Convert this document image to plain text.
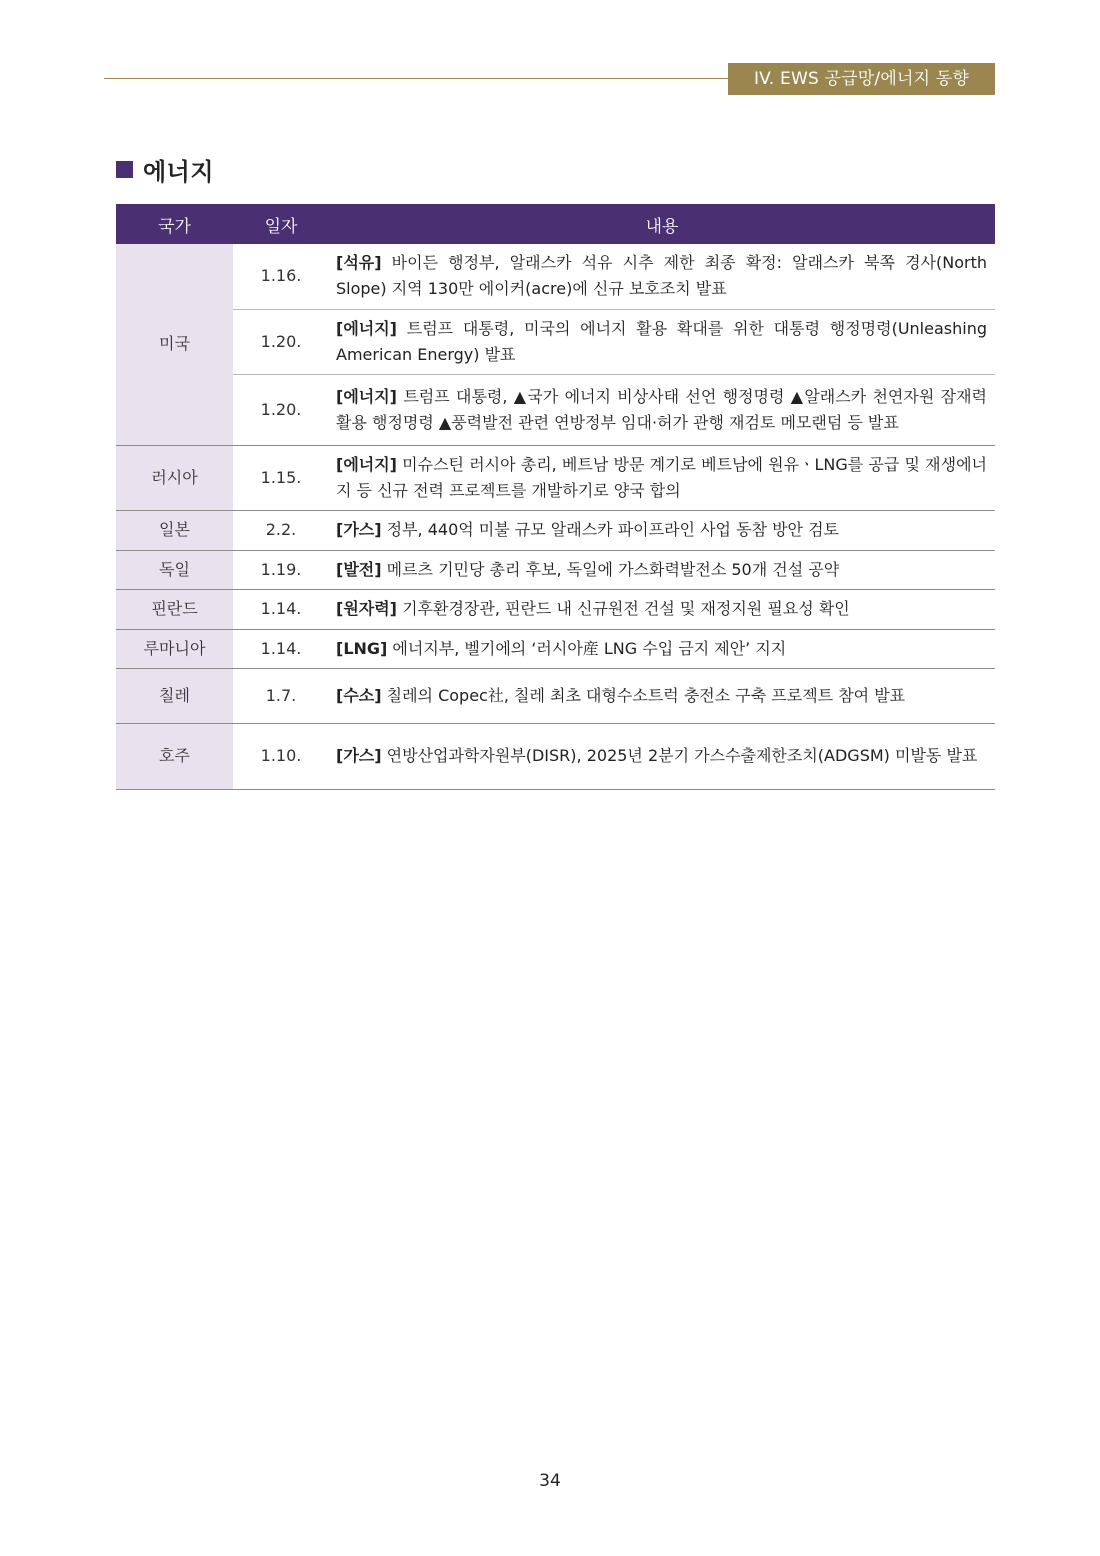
IV. EWS 공급망/에너지 동향
에너지
국가	일자	내용
미국	1.16.	[석유] 바이든 행정부, 알래스카 석유 시추 제한 최종 확정: 알래스카 북쪽 경사(North Slope) 지역 130만 에이커(acre)에 신규 보호조치 발표
	1.20.	[에너지] 트럼프 대통령, 미국의 에너지 활용 확대를 위한 대통령 행정명령(Unleashing American Energy) 발표
	1.20.	[에너지] 트럼프 대통령, ▲국가 에너지 비상사태 선언 행정명령 ▲알래스카 천연자원 잠재력 활용 행정명령 ▲풍력발전 관련 연방정부 임대·허가 관행 재검토 메모랜덤 등 발표
러시아	1.15.	[에너지] 미슈스틴 러시아 총리, 베트남 방문 계기로 베트남에 원유ㆍLNG를 공급 및 재생에너지 등 신규 전력 프로젝트를 개발하기로 양국 합의
일본	2.2.	[가스] 정부, 440억 미불 규모 알래스카 파이프라인 사업 동참 방안 검토
독일	1.19.	[발전] 메르츠 기민당 총리 후보, 독일에 가스화력발전소 50개 건설 공약
핀란드	1.14.	[원자력] 기후환경장관, 핀란드 내 신규원전 건설 및 재정지원 필요성 확인
루마니아	1.14.	[LNG] 에너지부, 벨기에의 ‘러시아産 LNG 수입 금지 제안’ 지지
칠레	1.7.	[수소] 칠레의 Copec社, 칠레 최초 대형수소트럭 충전소 구축 프로젝트 참여 발표
호주	1.10.	[가스] 연방산업과학자원부(DISR), 2025년 2분기 가스수출제한조치(ADGSM) 미발동 발표
34
